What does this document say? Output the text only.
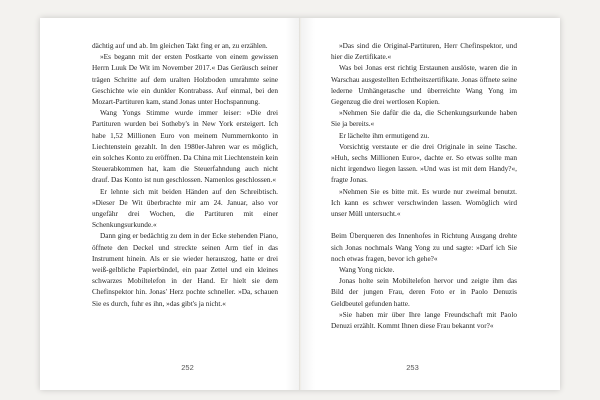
dächtig auf und ab. Im gleichen Takt fing er an, zu erzählen.

»Es begann mit der ersten Postkarte von einem gewissen Herrn Luuk De Wit im November 2017.« Das Geräusch seiner trägen Schritte auf dem uralten Holzboden umrahmte seine Geschichte wie ein dunkler Kontrabass. Auf einmal, bei den Mozart-Partituren kam, stand Jonas unter Hochspannung.

Wang Yongs Stimme wurde immer leiser: »Die drei Partituren wurden bei Sotheby's in New York ersteigert. Ich habe 1,52 Millionen Euro von meinem Nummernkonto in Liechtenstein gezahlt. In den 1980er-Jahren war es möglich, ein solches Konto zu eröffnen. Da China mit Liechtenstein kein Steuerabkommen hat, kam die Steuerfahndung auch nicht drauf. Das Konto ist nun geschlossen. Namenlos geschlossen.«

Er lehnte sich mit beiden Händen auf den Schreibtisch. »Dieser De Wit überbrachte mir am 24. Januar, also vor ungefähr drei Wochen, die Partituren mit einer Schenkungsurkunde.«

Dann ging er bedächtig zu dem in der Ecke stehenden Piano, öffnete den Deckel und streckte seinen Arm tief in das Instrument hinein. Als er sie wieder herauszog, hatte er drei weiß-gelbliche Papierbündel, ein paar Zettel und ein kleines schwarzes Mobiltelefon in der Hand. Er hielt sie dem Chefinspektor hin. Jonas' Herz pochte schneller. »Da, schauen Sie es durch, fuhr es ihn, »das gibt's ja nicht.«

252

»Das sind die Original-Partituren, Herr Chefinspektor, und hier die Zertifikate.«

Was bei Jonas erst richtig Erstaunen auslöste, waren die in Warschau ausgestellten Echtheitszertifikate. Jonas öffnete seine lederne Umhängetasche und überreichte Wang Yong im Gegenzug die drei wertlosen Kopien.

»Nehmen Sie dafür die da, die Schenkungsurkunde haben Sie ja bereits.«

Er lächelte ihm ermutigend zu.

Vorsichtig verstaute er die drei Originale in seine Tasche. »Huh, sechs Millionen Euro«, dachte er. So etwas sollte man nicht irgendwo liegen lassen. »Und was ist mit dem Handy?«, fragte Jonas.

»Nehmen Sie es bitte mit. Es wurde nur zweimal benutzt. Ich kann es schwer verschwinden lassen. Womöglich wird unser Müll untersucht.«

Beim Überqueren des Innenhofes in Richtung Ausgang drehte sich Jonas nochmals Wang Yong zu und sagte: »Darf ich Sie noch etwas fragen, bevor ich gehe?«

Wang Yong nickte.

Jonas holte sein Mobiltelefon hervor und zeigte ihm das Bild der jungen Frau, deren Foto er in Paolo Denuzis Geldbeutel gefunden hatte.

»Sie haben mir über Ihre lange Freundschaft mit Paolo Denuzi erzählt. Kommt Ihnen diese Frau bekannt vor?«

253
